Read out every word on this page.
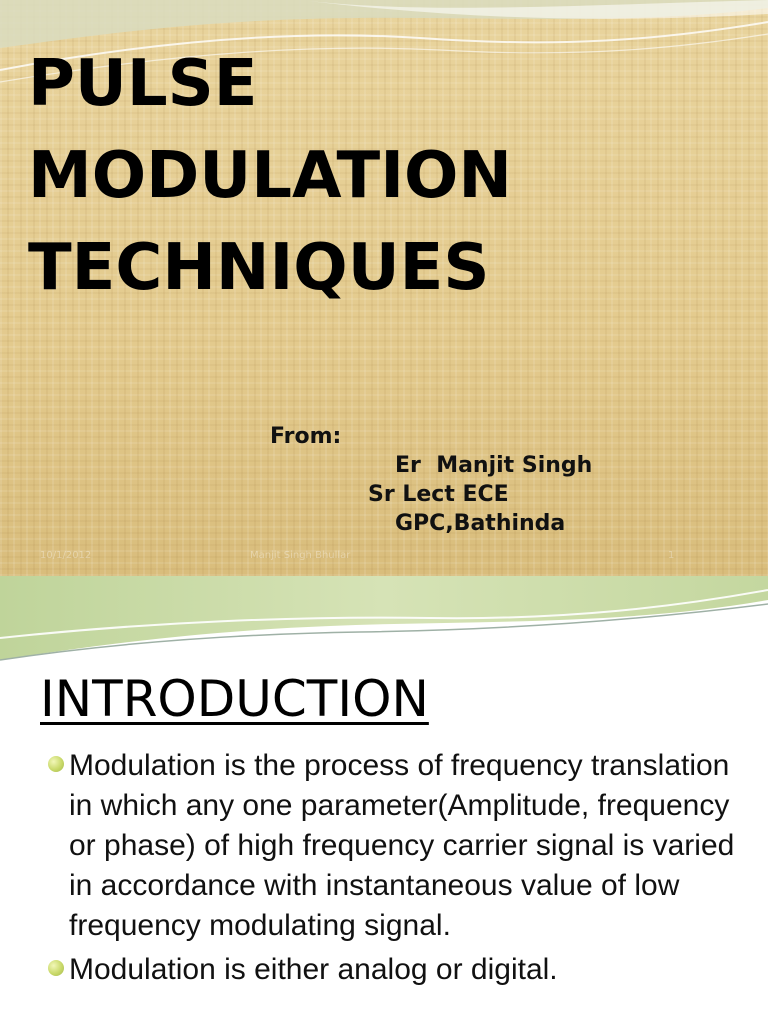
PULSE
MODULATION
TECHNIQUES
From:
Er  Manjit Singh
Sr Lect ECE
GPC,Bathinda
10/1/2012	Manjit Singh Bhullar	1
INTRODUCTION
Modulation is the process of frequency translation in which any one parameter(Amplitude, frequency or phase) of high frequency carrier signal is varied in accordance with instantaneous value of low frequency modulating signal.
Modulation is either analog or digital.
